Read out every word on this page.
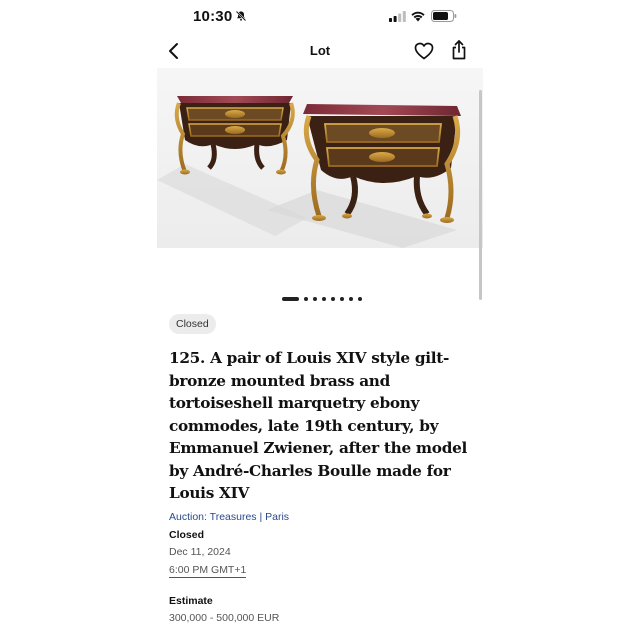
10:30
Lot
Closed
125. A pair of Louis XIV style gilt-
bronze mounted brass and
tortoiseshell marquetry ebony
commodes, late 19th century, by
Emmanuel Zwiener, after the model
by André-Charles Boulle made for
Louis XIV
Auction: Treasures | Paris
Closed
Dec 11, 2024
6:00 PM GMT+1
Estimate
300,000 - 500,000 EUR
